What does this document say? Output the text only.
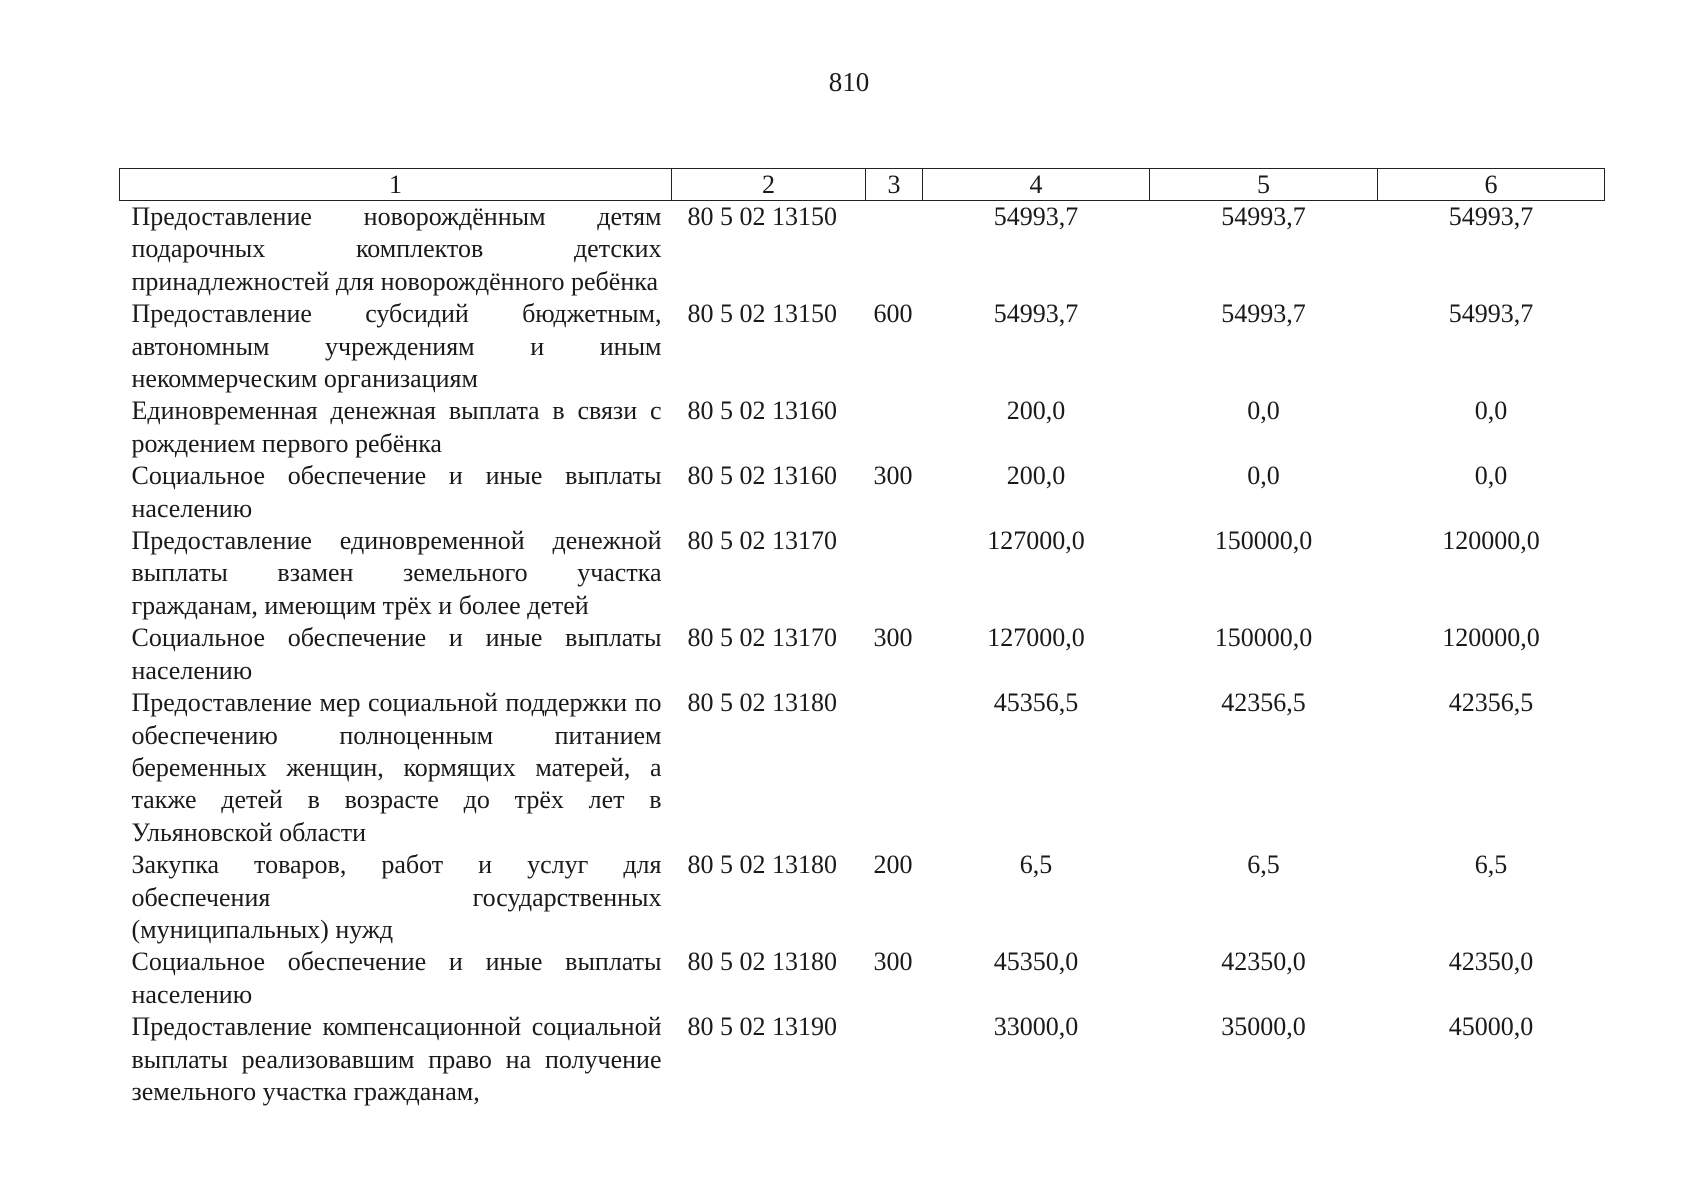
810
1	2	3	4	5	6
Предоставление новорождённым детям подарочных комплектов детских принадлежностей для новорождённого ребёнка	80 5 02 13150		54993,7	54993,7	54993,7
Предоставление субсидий бюджетным, автономным учреждениям и иным некоммерческим организациям	80 5 02 13150	600	54993,7	54993,7	54993,7
Единовременная денежная выплата в связи с рождением первого ребёнка	80 5 02 13160		200,0	0,0	0,0
Социальное обеспечение и иные выплаты населению	80 5 02 13160	300	200,0	0,0	0,0
Предоставление единовременной денежной выплаты взамен земельного участка гражданам, имеющим трёх и более детей	80 5 02 13170		127000,0	150000,0	120000,0
Социальное обеспечение и иные выплаты населению	80 5 02 13170	300	127000,0	150000,0	120000,0
Предоставление мер социальной поддержки по обеспечению полноценным питанием беременных женщин, кормящих матерей, а также детей в возрасте до трёх лет в Ульяновской области	80 5 02 13180		45356,5	42356,5	42356,5
Закупка товаров, работ и услуг для обеспечения государственных (муниципальных) нужд	80 5 02 13180	200	6,5	6,5	6,5
Социальное обеспечение и иные выплаты населению	80 5 02 13180	300	45350,0	42350,0	42350,0
Предоставление компенсационной социальной выплаты реализовавшим право на получение земельного участка гражданам,	80 5 02 13190		33000,0	35000,0	45000,0
